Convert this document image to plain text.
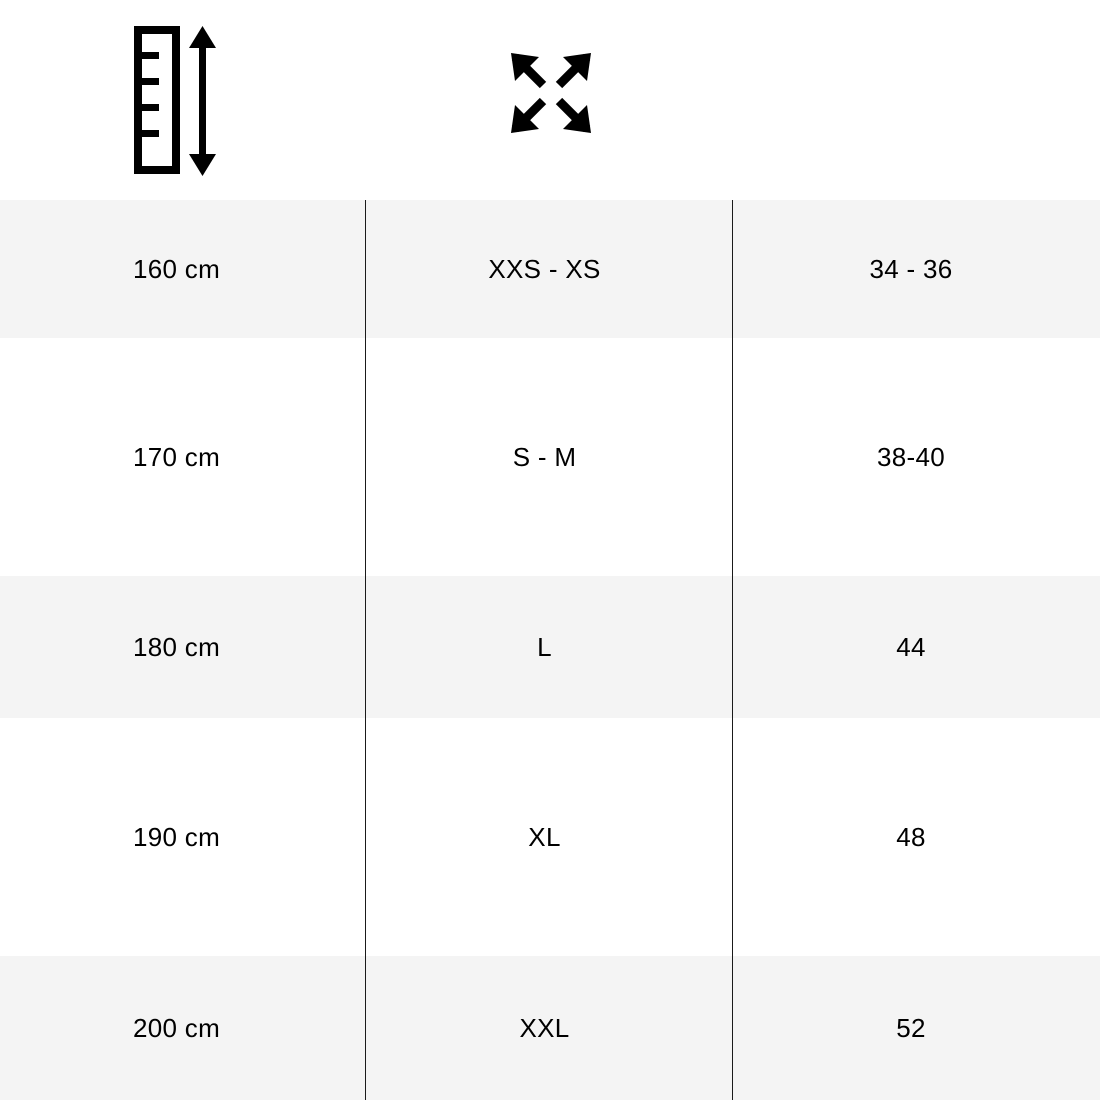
160 cm	XXS - XS	34 - 36
170 cm	S - M	38-40
180 cm	L	44
190 cm	XL	48
200 cm	XXL	52
